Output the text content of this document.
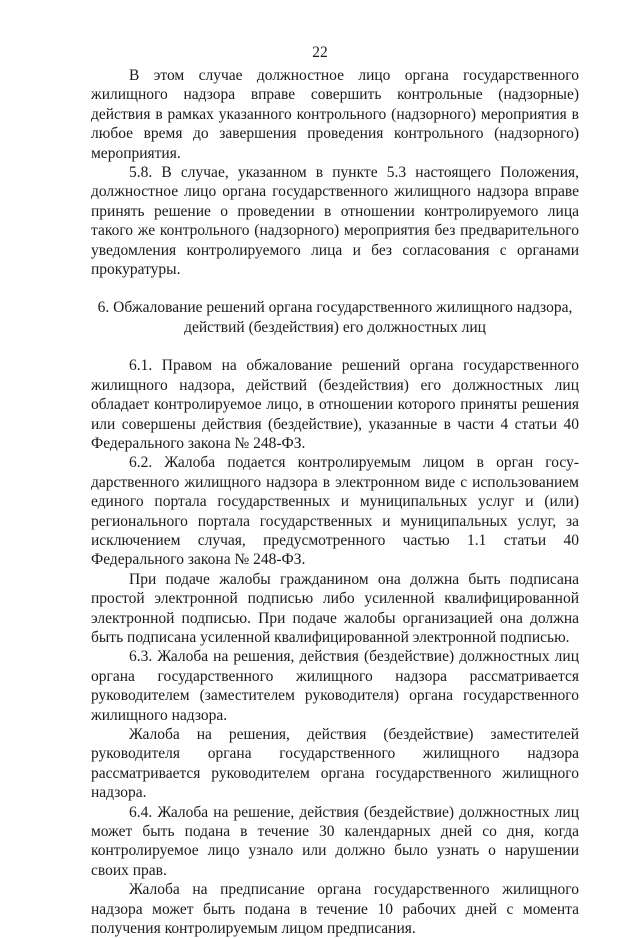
22

В этом случае должностное лицо органа государственного жилищного надзора вправе совершить контрольные (надзорные) действия в рамках указанного контрольного (надзорного) мероприятия в любое время до завершения проведения контрольного (надзорного) мероприятия.

5.8. В случае, указанном в пункте 5.3 настоящего Положения, должностное лицо органа государственного жилищного надзора вправе принять решение о проведении в отношении контролируемого лица такого же контрольного (надзорного) мероприятия без предварительного уведомления контролируемого лица и без согласования с органами прокуратуры.

6. Обжалование решений органа государственного жилищного надзора,
действий (бездействия) его должностных лиц

6.1. Правом на обжалование решений органа государственного жилищного надзора, действий (бездействия) его должностных лиц обладает контролируемое лицо, в отношении которого приняты решения или совершены действия (бездействие), указанные в части 4 статьи 40 Федерального закона № 248-ФЗ.

6.2. Жалоба подается контролируемым лицом в орган государственного жилищного надзора в электронном виде с использованием единого портала государственных и муниципальных услуг и (или) регионального портала государственных и муниципальных услуг, за исключением случая, предусмотренного частью 1.1 статьи 40 Федерального закона № 248-ФЗ.

При подаче жалобы гражданином она должна быть подписана простой электронной подписью либо усиленной квалифицированной электронной подписью. При подаче жалобы организацией она должна быть подписана усиленной квалифицированной электронной подписью.

6.3. Жалоба на решения, действия (бездействие) должностных лиц органа государственного жилищного надзора рассматривается руководителем (заместителем руководителя) органа государственного жилищного надзора.

Жалоба на решения, действия (бездействие) заместителей руководителя органа государственного жилищного надзора рассматривается руководителем органа государственного жилищного надзора.

6.4. Жалоба на решение, действия (бездействие) должностных лиц может быть подана в течение 30 календарных дней со дня, когда контролируемое лицо узнало или должно было узнать о нарушении своих прав.

Жалоба на предписание органа государственного жилищного надзора может быть подана в течение 10 рабочих дней с момента получения контролируемым лицом предписания.
